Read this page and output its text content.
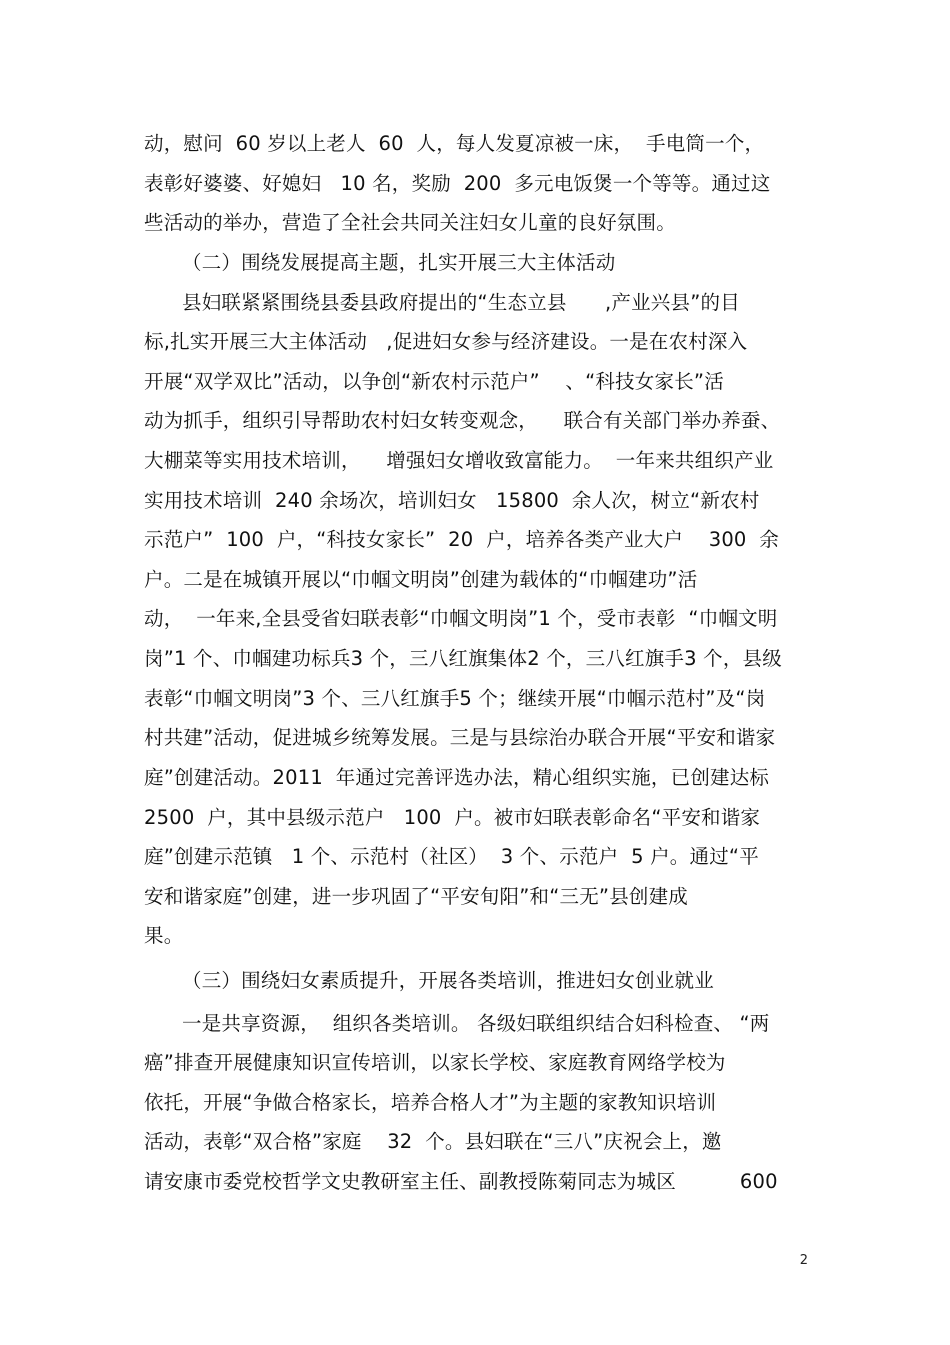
动，慰问  60 岁以上老人  60  人，每人发夏凉被一床，  手电筒一个，
表彰好婆婆、好媳妇   10 名，奖励  200  多元电饭煲一个等等。通过这
些活动的举办，营造了全社会共同关注妇女儿童的良好氛围。
（二）围绕发展提高主题，扎实开展三大主体活动
县妇联紧紧围绕县委县政府提出的“生态立县      ,产业兴县”的目
标,扎实开展三大主体活动   ,促进妇女参与经济建设。一是在农村深入
开展“双学双比”活动，以争创“新农村示范户”    、“科技女家长”活
动为抓手，组织引导帮助农村妇女转变观念，    联合有关部门举办养蚕、
大棚菜等实用技术培训，    增强妇女增收致富能力。  一年来共组织产业
实用技术培训  240 余场次，培训妇女   15800  余人次，树立“新农村
示范户”  100  户，“科技女家长”  20  户，培养各类产业大户    300  余
户。二是在城镇开展以“巾帼文明岗”创建为载体的“巾帼建功”活
动，  一年来,全县受省妇联表彰“巾帼文明岗”1 个，受市表彰  “巾帼文明
岗”1 个、巾帼建功标兵3 个，三八红旗集体2 个，三八红旗手3 个，县级
表彰“巾帼文明岗”3 个、三八红旗手5 个；继续开展“巾帼示范村”及“岗
村共建”活动，促进城乡统筹发展。三是与县综治办联合开展“平安和谐家
庭”创建活动。2011  年通过完善评选办法，精心组织实施，已创建达标
2500  户，其中县级示范户   100  户。被市妇联表彰命名“平安和谐家
庭”创建示范镇   1 个、示范村（社区）  3 个、示范户  5 户。通过“平
安和谐家庭”创建，进一步巩固了“平安旬阳”和“三无”县创建成
果。
（三）围绕妇女素质提升，开展各类培训，推进妇女创业就业
一是共享资源，  组织各类培训。 各级妇联组织结合妇科检查、 “两
癌”排查开展健康知识宣传培训，以家长学校、家庭教育网络学校为
依托，开展“争做合格家长，培养合格人才”为主题的家教知识培训
活动，表彰“双合格”家庭    32  个。县妇联在“三八”庆祝会上，邀
请安康市委党校哲学文史教研室主任、副教授陈菊同志为城区          600
2
